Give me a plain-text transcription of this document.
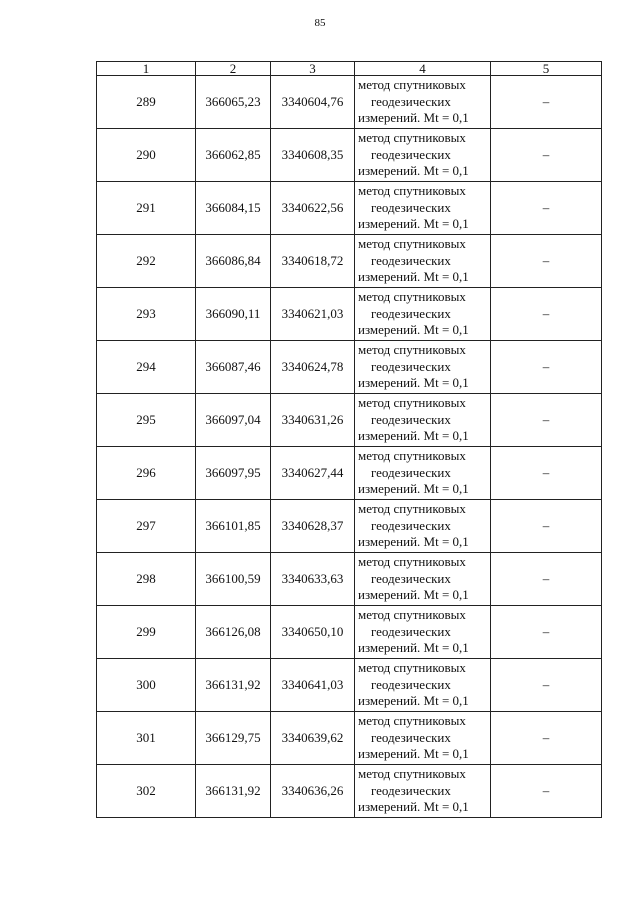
85
1	2	3	4	5
289	366065,23	3340604,76	метод спутниковых
геодезических
измерений. Mt = 0,1	–
290	366062,85	3340608,35	метод спутниковых
геодезических
измерений. Mt = 0,1	–
291	366084,15	3340622,56	метод спутниковых
геодезических
измерений. Mt = 0,1	–
292	366086,84	3340618,72	метод спутниковых
геодезических
измерений. Mt = 0,1	–
293	366090,11	3340621,03	метод спутниковых
геодезических
измерений. Mt = 0,1	–
294	366087,46	3340624,78	метод спутниковых
геодезических
измерений. Mt = 0,1	–
295	366097,04	3340631,26	метод спутниковых
геодезических
измерений. Mt = 0,1	–
296	366097,95	3340627,44	метод спутниковых
геодезических
измерений. Mt = 0,1	–
297	366101,85	3340628,37	метод спутниковых
геодезических
измерений. Mt = 0,1	–
298	366100,59	3340633,63	метод спутниковых
геодезических
измерений. Mt = 0,1	–
299	366126,08	3340650,10	метод спутниковых
геодезических
измерений. Mt = 0,1	–
300	366131,92	3340641,03	метод спутниковых
геодезических
измерений. Mt = 0,1	–
301	366129,75	3340639,62	метод спутниковых
геодезических
измерений. Mt = 0,1	–
302	366131,92	3340636,26	метод спутниковых
геодезических
измерений. Mt = 0,1	–
